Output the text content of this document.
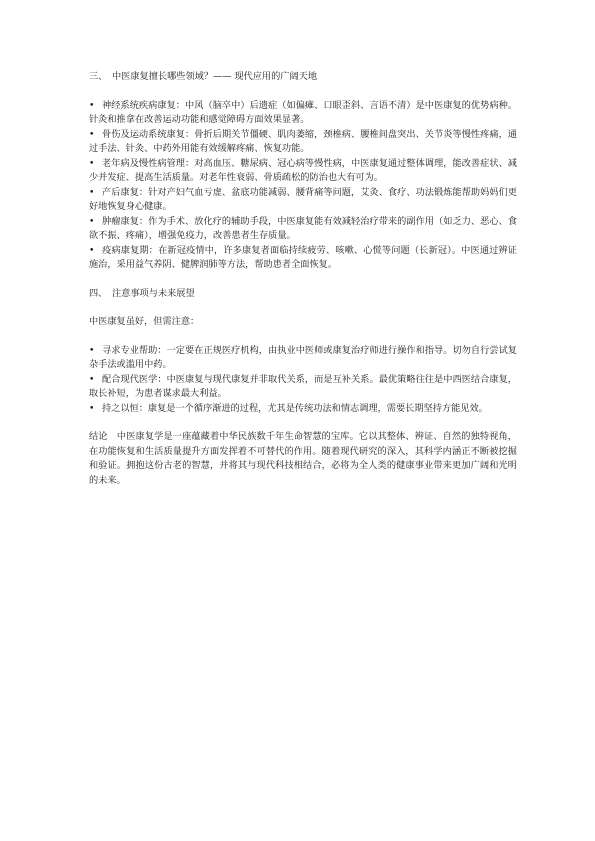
三、　中医康复擅长哪些领域？—— 现代应用的广阔天地

• 神经系统疾病康复：中风（脑卒中）后遗症（如偏瘫、口眼歪斜、言语不清）是中医康复的优势病种。针灸和推拿在改善运动功能和感觉障碍方面效果显著。

• 骨伤及运动系统康复：骨折后期关节僵硬、肌肉萎缩，颈椎病、腰椎间盘突出、关节炎等慢性疼痛，通过手法、针灸、中药外用能有效缓解疼痛、恢复功能。

• 老年病及慢性病管理：对高血压、糖尿病、冠心病等慢性病，中医康复通过整体调理，能改善症状、减少并发症、提高生活质量。对老年性衰弱、骨质疏松的防治也大有可为。

• 产后康复：针对产妇气血亏虚、盆底功能减弱、腰背痛等问题，艾灸、食疗、功法锻炼能帮助妈妈们更好地恢复身心健康。

• 肿瘤康复：作为手术、放化疗的辅助手段，中医康复能有效减轻治疗带来的副作用（如乏力、恶心、食欲不振、疼痛），增强免疫力，改善患者生存质量。

• 疫病康复期：在新冠疫情中，许多康复者面临持续疲劳、咳嗽、心慌等问题（长新冠）。中医通过辨证施治，采用益气养阴、健脾润肺等方法，帮助患者全面恢复。

四、　注意事项与未来展望

中医康复虽好，但需注意：

• 寻求专业帮助：一定要在正规医疗机构，由执业中医师或康复治疗师进行操作和指导。切勿自行尝试复杂手法或滥用中药。

• 配合现代医学：中医康复与现代康复并非取代关系，而是互补关系。最优策略往往是中西医结合康复，取长补短，为患者谋求最大利益。

• 持之以恒：康复是一个循序渐进的过程，尤其是传统功法和情志调理，需要长期坚持方能见效。

结论　中医康复学是一座蕴藏着中华民族数千年生命智慧的宝库。它以其整体、辨证、自然的独特视角，在功能恢复和生活质量提升方面发挥着不可替代的作用。随着现代研究的深入，其科学内涵正不断被挖掘和验证。拥抱这份古老的智慧，并将其与现代科技相结合，必将为全人类的健康事业带来更加广阔和光明的未来。
